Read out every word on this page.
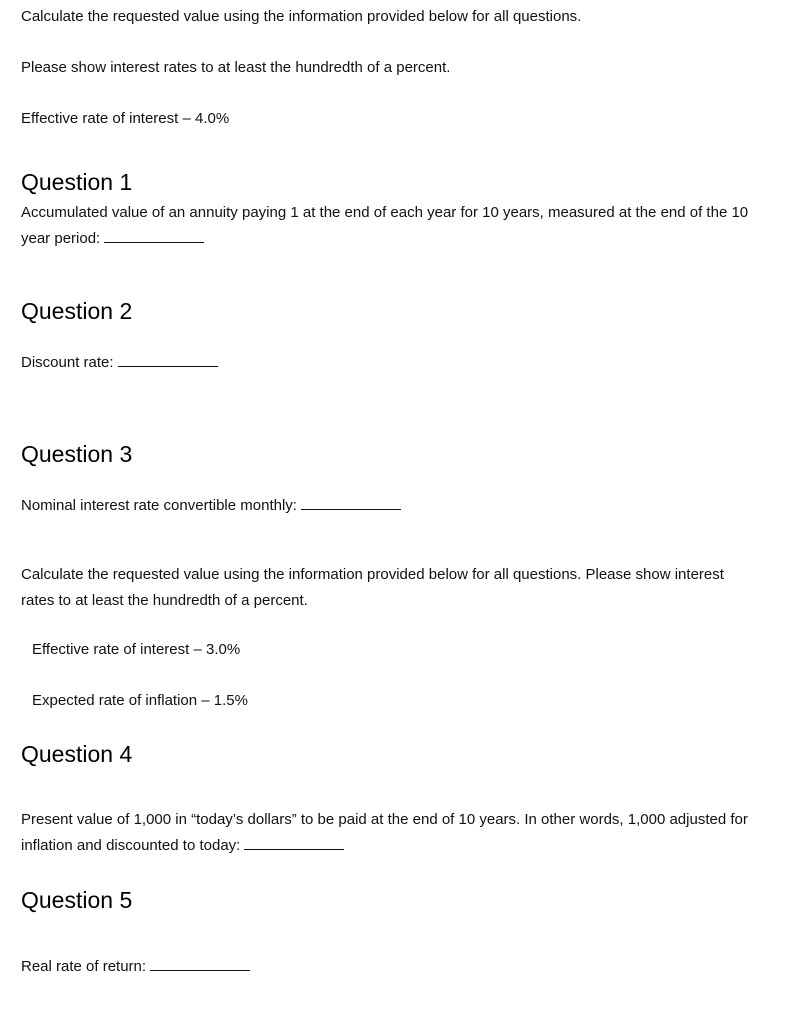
Calculate the requested value using the information provided below for all questions.
Please show interest rates to at least the hundredth of a percent.
Effective rate of interest – 4.0%
Question 1
Accumulated value of an annuity paying 1 at the end of each year for 10 years, measured at the end of the 10 year period:
Question 2
Discount rate:
Question 3
Nominal interest rate convertible monthly:
Calculate the requested value using the information provided below for all questions. Please show interest rates to at least the hundredth of a percent.
Effective rate of interest – 3.0%
Expected rate of inflation – 1.5%
Question 4
Present value of 1,000 in “today’s dollars” to be paid at the end of 10 years. In other words, 1,000 adjusted for inflation and discounted to today:
Question 5
Real rate of return:
